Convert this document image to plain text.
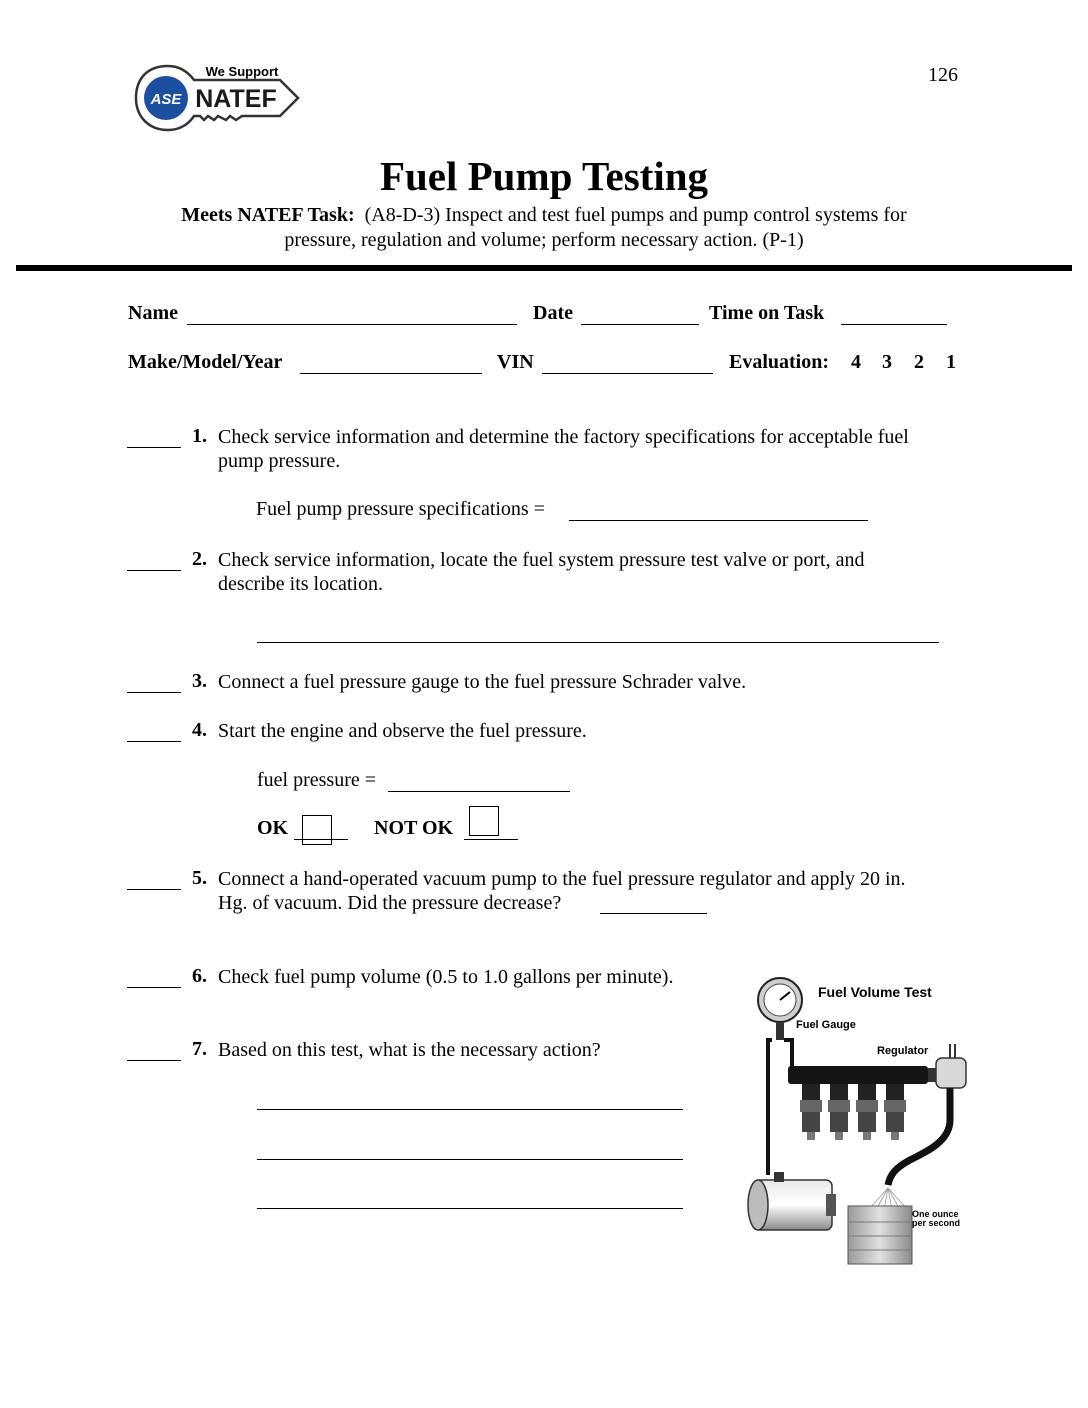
126
ASE
We Support
NATEF
Fuel Pump Testing
Meets NATEF Task: (A8-D-3) Inspect and test fuel pumps and pump control systems for
pressure, regulation and volume; perform necessary action. (P-1)
Name	Date	Time on Task
Make/Model/Year	VIN	Evaluation: 4 3 2 1
1. Check service information and determine the factory specifications for acceptable fuel
pump pressure.
Fuel pump pressure specifications =
2. Check service information, locate the fuel system pressure test valve or port, and
describe its location.
3. Connect a fuel pressure gauge to the fuel pressure Schrader valve.
4. Start the engine and observe the fuel pressure.
fuel pressure =
OK	NOT OK
5. Connect a hand-operated vacuum pump to the fuel pressure regulator and apply 20 in.
Hg. of vacuum. Did the pressure decrease?
6. Check fuel pump volume (0.5 to 1.0 gallons per minute).
7. Based on this test, what is the necessary action?
Fuel Volume Test
Fuel Gauge
Regulator
One ounce
per second
